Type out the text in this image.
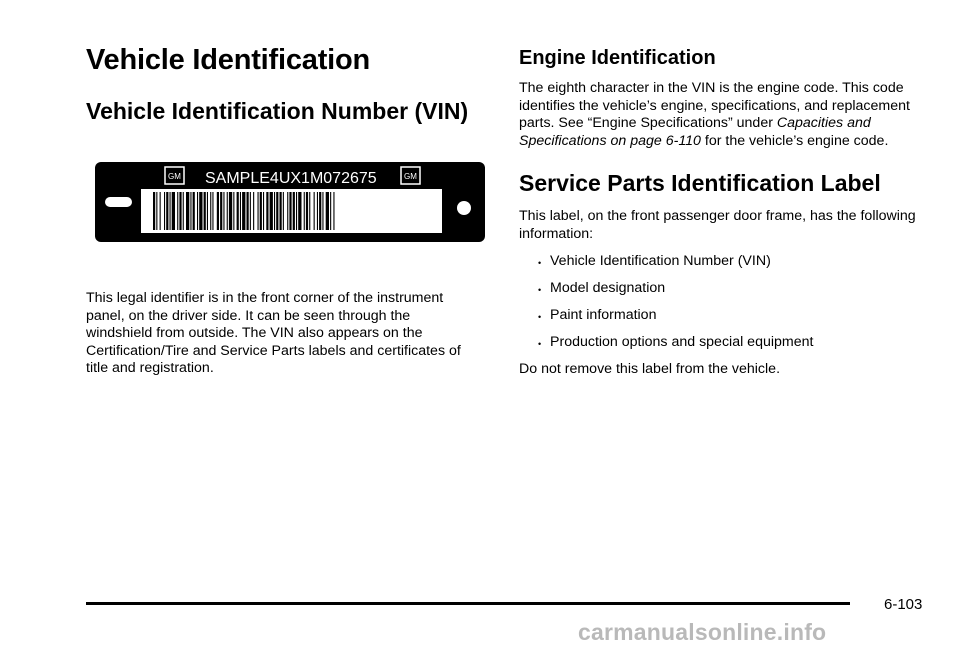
Vehicle Identification
Vehicle Identification Number (VIN)
GM	GM
SAMPLE4UX1M072675

This legal identifier is in the front corner of the instrument panel, on the driver side. It can be seen through the windshield from outside. The VIN also appears on the Certification/Tire and Service Parts labels and certificates of title and registration.

Engine Identification

The eighth character in the VIN is the engine code. This code identifies the vehicle’s engine, specifications, and replacement parts. See “Engine Specifications” under Capacities and Specifications on page 6-110 for the vehicle’s engine code.

Service Parts Identification Label

This label, on the front passenger door frame, has the following information:

• Vehicle Identification Number (VIN)
• Model designation
• Paint information
• Production options and special equipment

Do not remove this label from the vehicle.

6-103
carmanualsonline.info
